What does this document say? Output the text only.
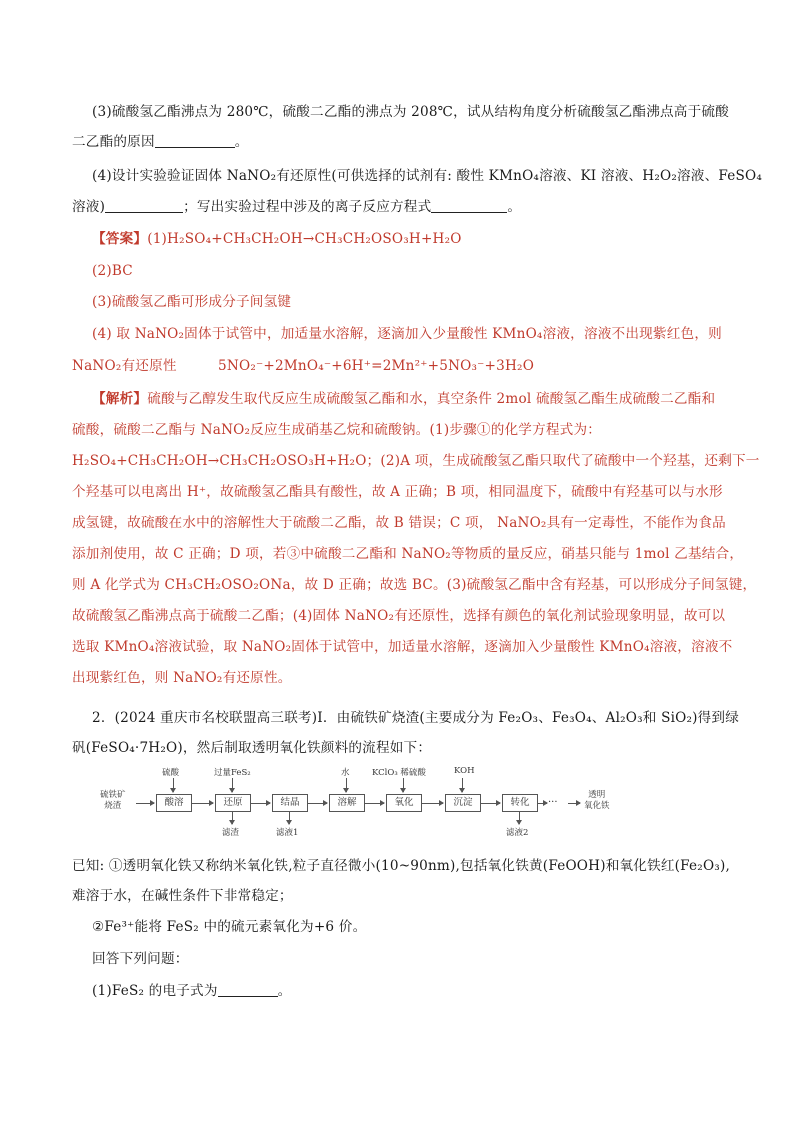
(3)硫酸氢乙酯沸点为 280℃，硫酸二乙酯的沸点为 208℃，试从结构角度分析硫酸氢乙酯沸点高于硫酸
二乙酯的原因	。
(4)设计实验验证固体 NaNO₂有还原性(可供选择的试剂有: 酸性 KMnO₄溶液、KI 溶液、H₂O₂溶液、FeSO₄
溶液)	；写出实验过程中涉及的离子反应方程式	。
【答案】(1)H₂SO₄+CH₃CH₂OH→CH₃CH₂OSO₃H+H₂O
(2)BC
(3)硫酸氢乙酯可形成分子间氢键
(4) 取 NaNO₂固体于试管中，加适量水溶解，逐滴加入少量酸性 KMnO₄溶液，溶液不出现紫红色，则
NaNO₂有还原性　　　5NO₂⁻+2MnO₄⁻+6H⁺=2Mn²⁺+5NO₃⁻+3H₂O
【解析】硫酸与乙醇发生取代反应生成硫酸氢乙酯和水，真空条件 2mol 硫酸氢乙酯生成硫酸二乙酯和
硫酸，硫酸二乙酯与 NaNO₂反应生成硝基乙烷和硫酸钠。(1)步骤①的化学方程式为：
H₂SO₄+CH₃CH₂OH→CH₃CH₂OSO₃H+H₂O；(2)A 项，生成硫酸氢乙酯只取代了硫酸中一个羟基，还剩下一
个羟基可以电离出 H⁺，故硫酸氢乙酯具有酸性，故 A 正确；B 项，相同温度下，硫酸中有羟基可以与水形
成氢键，故硫酸在水中的溶解性大于硫酸二乙酯，故 B 错误；C 项， NaNO₂具有一定毒性，不能作为食品
添加剂使用，故 C 正确；D 项，若③中硫酸二乙酯和 NaNO₂等物质的量反应，硝基只能与 1mol 乙基结合，
则 A 化学式为 CH₃CH₂OSO₂ONa，故 D 正确；故选 BC。(3)硫酸氢乙酯中含有羟基，可以形成分子间氢键，
故硫酸氢乙酯沸点高于硫酸二乙酯；(4)固体 NaNO₂有还原性，选择有颜色的氧化剂试验现象明显，故可以
选取 KMnO₄溶液试验，取 NaNO₂固体于试管中，加适量水溶解，逐滴加入少量酸性 KMnO₄溶液，溶液不
出现紫红色，则 NaNO₂有还原性。
2．(2024 重庆市名校联盟高三联考)I．由硫铁矿烧渣(主要成分为 Fe₂O₃、Fe₃O₄、Al₂O₃和 SiO₂)得到绿
矾(FeSO₄·7H₂O)，然后制取透明氧化铁颜料的流程如下：
硫铁矿
烧渣	酸溶	还原	结晶	溶解	氧化	沉淀	转化	···
透明
氧化铁
硫酸	过量FeS₂	水	KClO₃ 稀硫酸	KOH
滤渣	滤液1	滤液2
已知: ①透明氧化铁又称纳米氧化铁,粒子直径微小(10~90nm),包括氧化铁黄(FeOOH)和氧化铁红(Fe₂O₃),
难溶于水，在碱性条件下非常稳定；
②Fe³⁺能将 FeS₂ 中的硫元素氧化为+6 价。
回答下列问题：
(1)FeS₂ 的电子式为	。
